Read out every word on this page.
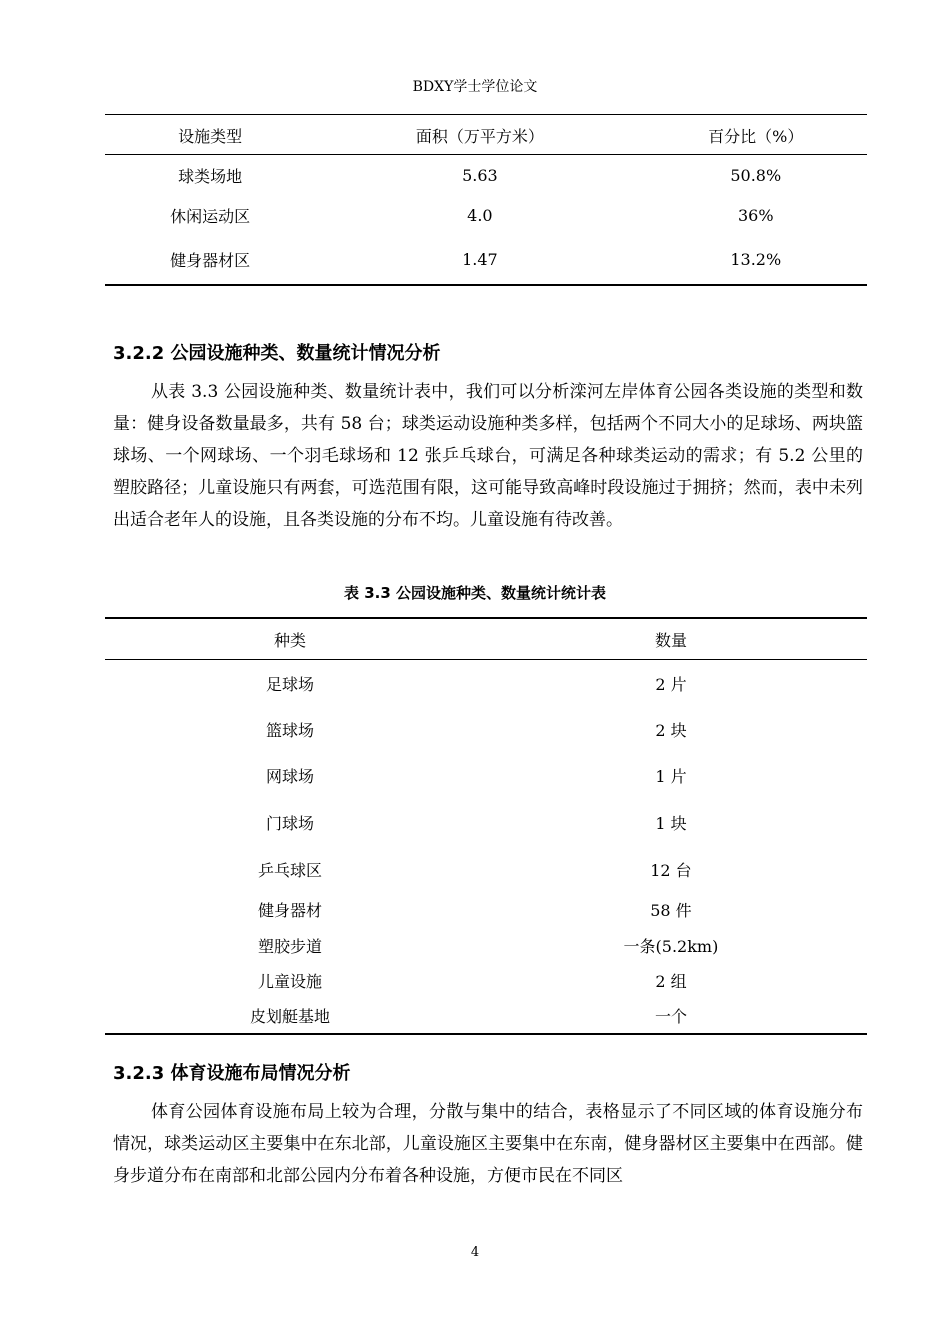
BDXY学士学位论文
设施类型	面积（万平方米）	百分比（%）
球类场地	5.63	50.8%
休闲运动区	4.0	36%
健身器材区	1.47	13.2%
3.2.2 公园设施种类、数量统计情况分析

从表 3.3 公园设施种类、数量统计表中，我们可以分析滦河左岸体育公园各类设施的类型和数量：健身设备数量最多，共有 58 台；球类运动设施种类多样，包括两个不同大小的足球场、两块篮球场、一个网球场、一个羽毛球场和 12 张乒乓球台，可满足各种球类运动的需求；有 5.2 公里的塑胶路径；儿童设施只有两套，可选范围有限，这可能导致高峰时段设施过于拥挤；然而，表中未列出适合老年人的设施，且各类设施的分布不均。儿童设施有待改善。

表 3.3 公园设施种类、数量统计统计表
种类	数量
足球场	2 片
篮球场	2 块
网球场	1 片
门球场	1 块
乒乓球区	12 台
健身器材	58 件
塑胶步道	一条(5.2km)
儿童设施	2 组
皮划艇基地	一个
3.2.3 体育设施布局情况分析

体育公园体育设施布局上较为合理，分散与集中的结合，表格显示了不同区域的体育设施分布情况，球类运动区主要集中在东北部，儿童设施区主要集中在东南，健身器材区主要集中在西部。健身步道分布在南部和北部公园内分布着各种设施，方便市民在不同区

4
